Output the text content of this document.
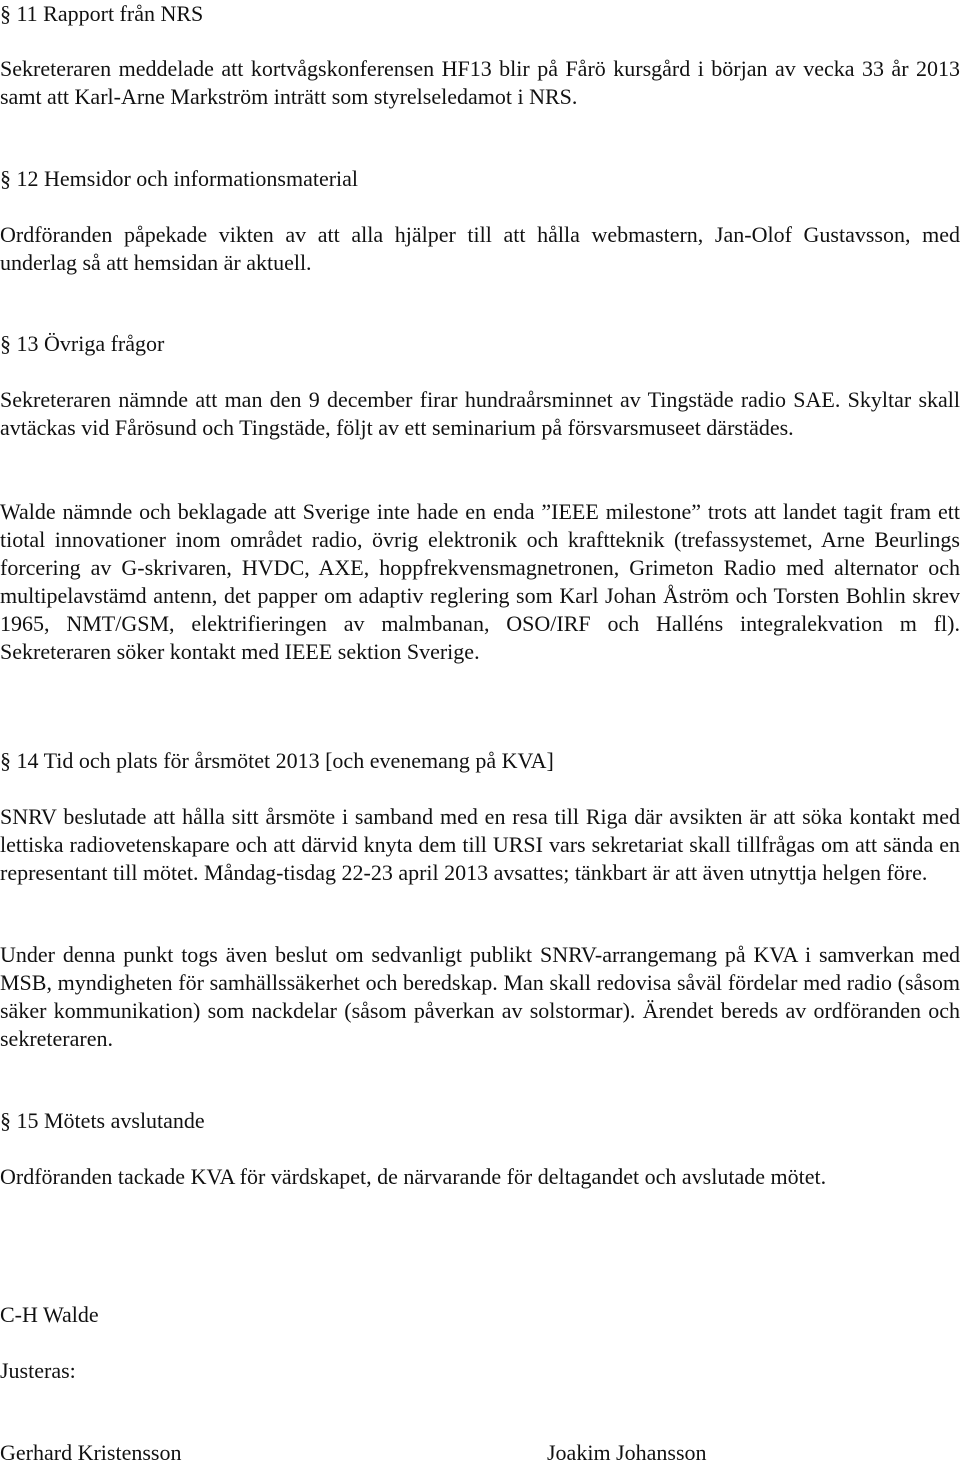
§ 11 Rapport från NRS

Sekreteraren meddelade att kortvågskonferensen HF13 blir på Fårö kursgård i början av vecka 33 år 2013 samt att Karl-Arne Markström inträtt som styrelseledamot i NRS.

§ 12 Hemsidor och informationsmaterial

Ordföranden påpekade vikten av att alla hjälper till att hålla webmastern, Jan-Olof Gustavsson, med underlag så att hemsidan är aktuell.

§ 13 Övriga frågor

Sekreteraren nämnde att man den 9 december firar hundraårsminnet av Tingstäde radio SAE. Skyltar skall avtäckas vid Fårösund och Tingstäde, följt av ett seminarium på försvarsmuseet därstädes.

Walde nämnde och beklagade att Sverige inte hade en enda ”IEEE milestone” trots att landet tagit fram ett tiotal innovationer inom området radio, övrig elektronik och kraftteknik (trefassystemet, Arne Beurlings forcering av G-skrivaren, HVDC, AXE, hoppfrekvensmagnetronen, Grimeton Radio med alternator och multipelavstämd antenn, det papper om adaptiv reglering som Karl Johan Åström och Torsten Bohlin skrev 1965, NMT/GSM, elektrifieringen av malmbanan, OSO/IRF och Halléns integralekvation m fl). Sekreteraren söker kontakt med IEEE sektion Sverige.

§ 14 Tid och plats för årsmötet 2013 [och evenemang på KVA]

SNRV beslutade att hålla sitt årsmöte i samband med en resa till Riga där avsikten är att söka kontakt med lettiska radiovetenskapare och att därvid knyta dem till URSI vars sekretariat skall tillfrågas om att sända en representant till mötet. Måndag-tisdag 22-23 april 2013 avsattes; tänkbart är att även utnyttja helgen före.

Under denna punkt togs även beslut om sedvanligt publikt SNRV-arrangemang på KVA i samverkan med MSB, myndigheten för samhällssäkerhet och beredskap. Man skall redovisa såväl fördelar med radio (såsom säker kommunikation) som nackdelar (såsom påverkan av solstormar). Ärendet bereds av ordföranden och sekreteraren.

§ 15 Mötets avslutande

Ordföranden tackade KVA för värdskapet, de närvarande för deltagandet och avslutade mötet.

C-H Walde

Justeras:

Gerhard Kristensson	Joakim Johansson
